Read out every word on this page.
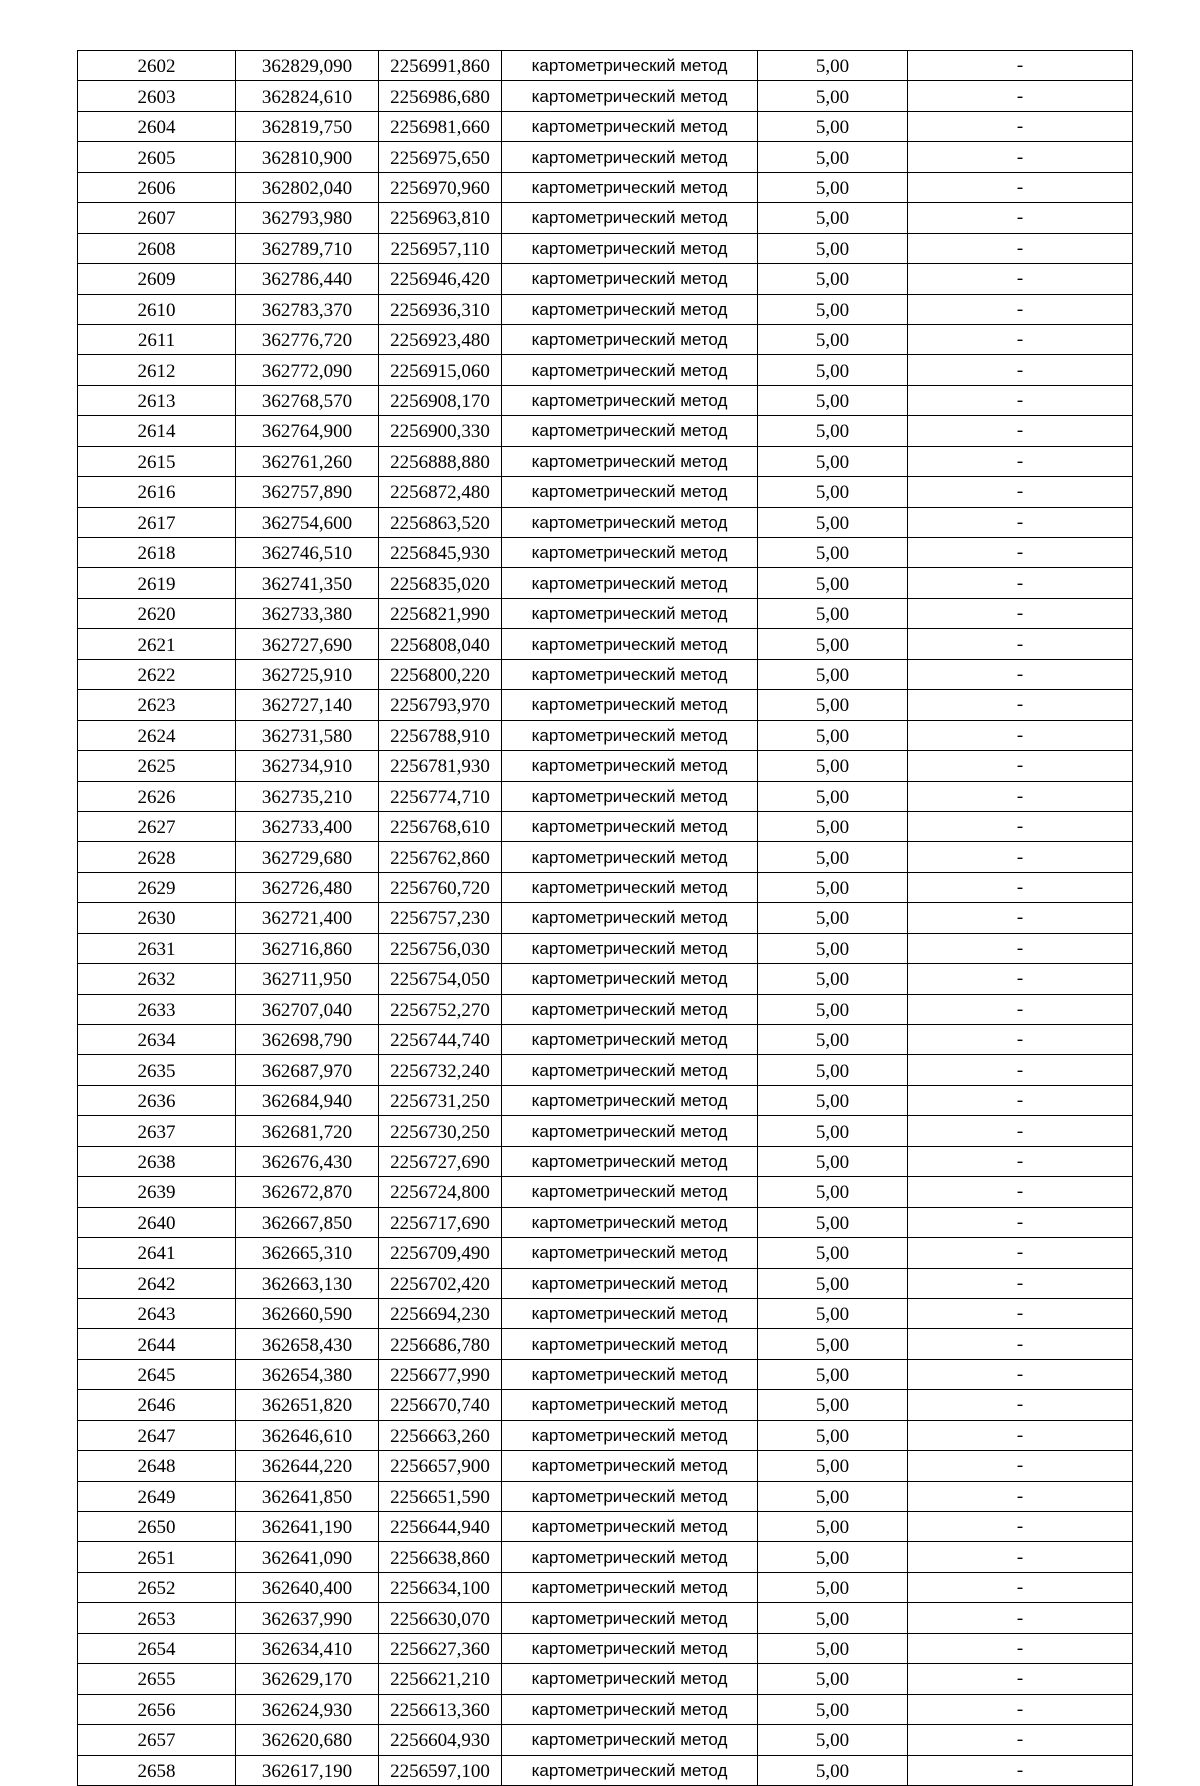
2602	362829,090	2256991,860	картометрический метод	5,00	-
2603	362824,610	2256986,680	картометрический метод	5,00	-
2604	362819,750	2256981,660	картометрический метод	5,00	-
2605	362810,900	2256975,650	картометрический метод	5,00	-
2606	362802,040	2256970,960	картометрический метод	5,00	-
2607	362793,980	2256963,810	картометрический метод	5,00	-
2608	362789,710	2256957,110	картометрический метод	5,00	-
2609	362786,440	2256946,420	картометрический метод	5,00	-
2610	362783,370	2256936,310	картометрический метод	5,00	-
2611	362776,720	2256923,480	картометрический метод	5,00	-
2612	362772,090	2256915,060	картометрический метод	5,00	-
2613	362768,570	2256908,170	картометрический метод	5,00	-
2614	362764,900	2256900,330	картометрический метод	5,00	-
2615	362761,260	2256888,880	картометрический метод	5,00	-
2616	362757,890	2256872,480	картометрический метод	5,00	-
2617	362754,600	2256863,520	картометрический метод	5,00	-
2618	362746,510	2256845,930	картометрический метод	5,00	-
2619	362741,350	2256835,020	картометрический метод	5,00	-
2620	362733,380	2256821,990	картометрический метод	5,00	-
2621	362727,690	2256808,040	картометрический метод	5,00	-
2622	362725,910	2256800,220	картометрический метод	5,00	-
2623	362727,140	2256793,970	картометрический метод	5,00	-
2624	362731,580	2256788,910	картометрический метод	5,00	-
2625	362734,910	2256781,930	картометрический метод	5,00	-
2626	362735,210	2256774,710	картометрический метод	5,00	-
2627	362733,400	2256768,610	картометрический метод	5,00	-
2628	362729,680	2256762,860	картометрический метод	5,00	-
2629	362726,480	2256760,720	картометрический метод	5,00	-
2630	362721,400	2256757,230	картометрический метод	5,00	-
2631	362716,860	2256756,030	картометрический метод	5,00	-
2632	362711,950	2256754,050	картометрический метод	5,00	-
2633	362707,040	2256752,270	картометрический метод	5,00	-
2634	362698,790	2256744,740	картометрический метод	5,00	-
2635	362687,970	2256732,240	картометрический метод	5,00	-
2636	362684,940	2256731,250	картометрический метод	5,00	-
2637	362681,720	2256730,250	картометрический метод	5,00	-
2638	362676,430	2256727,690	картометрический метод	5,00	-
2639	362672,870	2256724,800	картометрический метод	5,00	-
2640	362667,850	2256717,690	картометрический метод	5,00	-
2641	362665,310	2256709,490	картометрический метод	5,00	-
2642	362663,130	2256702,420	картометрический метод	5,00	-
2643	362660,590	2256694,230	картометрический метод	5,00	-
2644	362658,430	2256686,780	картометрический метод	5,00	-
2645	362654,380	2256677,990	картометрический метод	5,00	-
2646	362651,820	2256670,740	картометрический метод	5,00	-
2647	362646,610	2256663,260	картометрический метод	5,00	-
2648	362644,220	2256657,900	картометрический метод	5,00	-
2649	362641,850	2256651,590	картометрический метод	5,00	-
2650	362641,190	2256644,940	картометрический метод	5,00	-
2651	362641,090	2256638,860	картометрический метод	5,00	-
2652	362640,400	2256634,100	картометрический метод	5,00	-
2653	362637,990	2256630,070	картометрический метод	5,00	-
2654	362634,410	2256627,360	картометрический метод	5,00	-
2655	362629,170	2256621,210	картометрический метод	5,00	-
2656	362624,930	2256613,360	картометрический метод	5,00	-
2657	362620,680	2256604,930	картометрический метод	5,00	-
2658	362617,190	2256597,100	картометрический метод	5,00	-
